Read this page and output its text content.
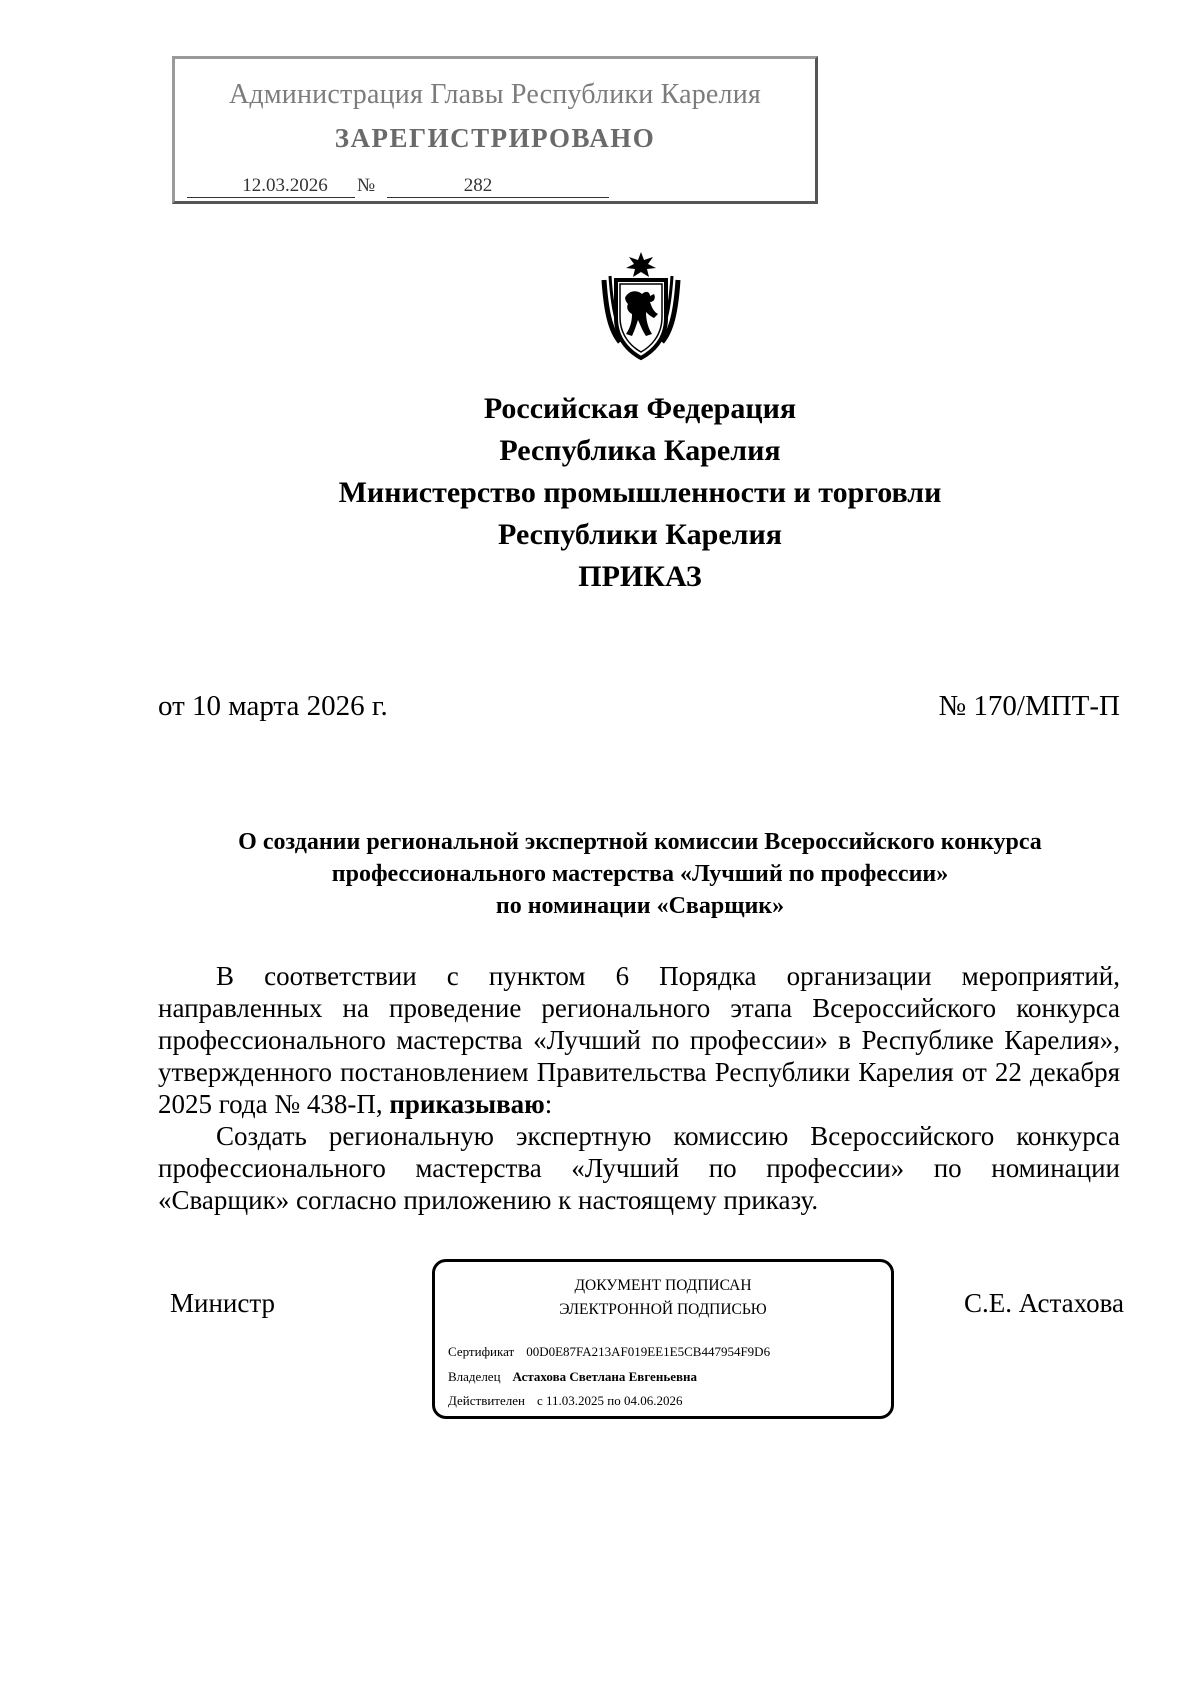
Администрация Главы Республики Карелия
ЗАРЕГИСТРИРОВАНО
12.03.2026	№	282
Российская Федерация
Республика Карелия
Министерство промышленности и торговли
Республики Карелия
ПРИКАЗ
от 10 марта 2026 г.	№ 170/МПТ-П
О создании региональной экспертной комиссии Всероссийского конкурса
профессионального мастерства «Лучший по профессии»
по номинации «Сварщик»

В соответствии с пунктом 6 Порядка организации мероприятий, направленных на проведение регионального этапа Всероссийского конкурса профессионального мастерства «Лучший по профессии» в Республике Карелия», утвержденного постановлением Правительства Республики Карелия от 22 декабря 2025 года № 438-П, приказываю:

Создать региональную экспертную комиссию Всероссийского конкурса профессионального мастерства «Лучший по профессии» по номинации «Сварщик» согласно приложению к настоящему приказу.

Министр	С.Е. Астахова
ДОКУМЕНТ ПОДПИСАН
ЭЛЕКТРОННОЙ ПОДПИСЬЮ
Сертификат 00D0E87FA213AF019EE1E5CB447954F9D6
Владелец Астахова Светлана Евгеньевна
Действителен с 11.03.2025 по 04.06.2026
